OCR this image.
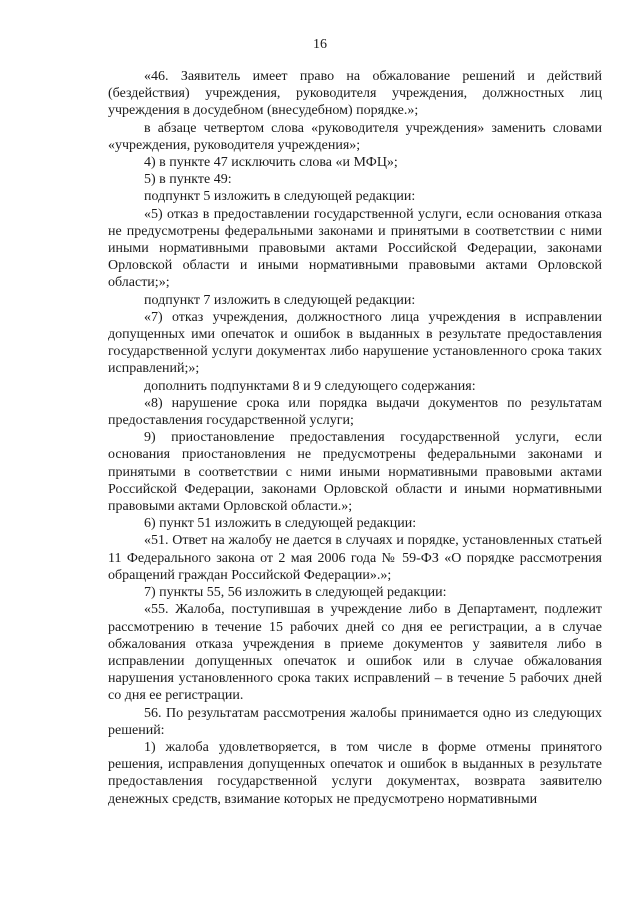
16

«46. Заявитель имеет право на обжалование решений и действий (бездействия) учреждения, руководителя учреждения, должностных лиц учреждения в досудебном (внесудебном) порядке.»;

в абзаце четвертом слова «руководителя учреждения» заменить словами «учреждения, руководителя учреждения»;

4) в пункте 47 исключить слова «и МФЦ»;

5) в пункте 49:

подпункт 5 изложить в следующей редакции:

«5) отказ в предоставлении государственной услуги, если основания отказа не предусмотрены федеральными законами и принятыми в соответствии с ними иными нормативными правовыми актами Российской Федерации, законами Орловской области и иными нормативными правовыми актами Орловской области;»;

подпункт 7 изложить в следующей редакции:

«7) отказ учреждения, должностного лица учреждения в исправлении допущенных ими опечаток и ошибок в выданных в результате предоставления государственной услуги документах либо нарушение установленного срока таких исправлений;»;

дополнить подпунктами 8 и 9 следующего содержания:

«8) нарушение срока или порядка выдачи документов по результатам предоставления государственной услуги;

9) приостановление предоставления государственной услуги, если основания приостановления не предусмотрены федеральными законами и принятыми в соответствии с ними иными нормативными правовыми актами Российской Федерации, законами Орловской области и иными нормативными правовыми актами Орловской области.»;

6) пункт 51 изложить в следующей редакции:

«51. Ответ на жалобу не дается в случаях и порядке, установленных статьей 11 Федерального закона от 2 мая 2006 года № 59-ФЗ «О порядке рассмотрения обращений граждан Российской Федерации».»;

7) пункты 55, 56 изложить в следующей редакции:

«55. Жалоба, поступившая в учреждение либо в Департамент, подлежит рассмотрению в течение 15 рабочих дней со дня ее регистрации, а в случае обжалования отказа учреждения в приеме документов у заявителя либо в исправлении допущенных опечаток и ошибок или в случае обжалования нарушения установленного срока таких исправлений – в течение 5 рабочих дней со дня ее регистрации.

56. По результатам рассмотрения жалобы принимается одно из следующих решений:

1) жалоба удовлетворяется, в том числе в форме отмены принятого решения, исправления допущенных опечаток и ошибок в выданных в результате предоставления государственной услуги документах, возврата заявителю денежных средств, взимание которых не предусмотрено нормативными
